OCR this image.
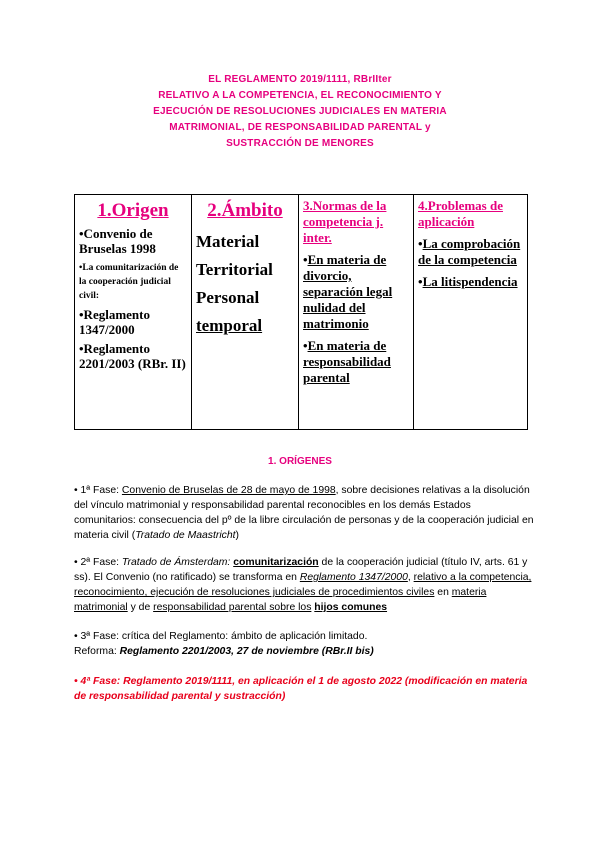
EL REGLAMENTO 2019/1111, RBrIIter
RELATIVO A LA COMPETENCIA, EL RECONOCIMIENTO Y
EJECUCIÓN DE RESOLUCIONES JUDICIALES EN MATERIA
MATRIMONIAL, DE RESPONSABILIDAD PARENTAL y
SUSTRACCIÓN DE MENORES
1.Origen
•Convenio de Bruselas 1998
•La comunitarización de la cooperación judicial civil:
•Reglamento 1347/2000
•Reglamento 2201/2003 (RBr. II)

2.Ámbito
Material
Territorial
Personal
temporal

3.Normas de la competencia j. inter.
•En materia de divorcio, separación legal nulidad del matrimonio
•En materia de responsabilidad parental

4.Problemas de aplicación
•La comprobación de la competencia
•La litispendencia
1. ORÍGENES
• 1ª Fase: Convenio de Bruselas de 28 de mayo de 1998, sobre decisiones relativas a la disolución del vínculo matrimonial y responsabilidad parental reconocibles en los demás Estados comunitarios: consecuencia del pº de la libre circulación de personas y de la cooperación judicial en materia civil (Tratado de Maastricht)
• 2ª Fase: Tratado de Ámsterdam: comunitarización de la cooperación judicial (título IV, arts. 61 y ss). El Convenio (no ratificado) se transforma en Reglamento 1347/2000, relativo a la competencia, reconocimiento, ejecución de resoluciones judiciales de procedimientos civiles en materia matrimonial y de responsabilidad parental sobre los hijos comunes
• 3ª Fase: crítica del Reglamento: ámbito de aplicación limitado.
Reforma: Reglamento 2201/2003, 27 de noviembre (RBr.II bis)
• 4ª Fase: Reglamento 2019/1111, en aplicación el 1 de agosto 2022 (modificación en materia de responsabilidad parental y sustracción)
